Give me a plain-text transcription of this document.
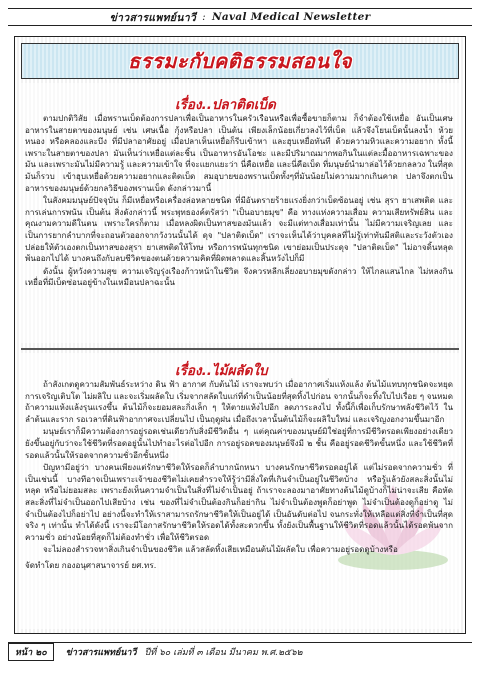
ข่าวสารแพทย์นาวี : Naval Medical Newsletter
ธรรมะกับคติธรรมสอนใจ
เรื่อง..ปลาติดเบ็ด

ตามปกติวิสัย เมื่อพรานเบ็ดต้องการปลาเพื่อเป็นอาหารในครัวเรือนหรือเพื่อซื้อขายก็ตาม ก็จำต้องใช้เหยื่อ อันเป็นเศษอาหารในสายตาของมนุษย์ เช่น เศษเนื้อ กุ้งหรือปลา เป็นต้น เพียงเล็กน้อยเกี่ยวลงไว้ที่เบ็ด แล้วจึงโยนเบ็ดนั้นลงน้ำ ห้วย หนอง หรือคลองและบึง ที่มีปลาอาศัยอยู่ เมื่อปลาเห็นเหยื่อก็รีบเข้าหา และฮุบเหยื่อทันที ด้วยความหิวและความอยาก ทั้งนี้เพราะในสายตาของปลา มันเห็นว่าเหยื่อแต่ละชิ้น เป็นอาหารอันโอชะ และมีปริมาณมากพอกินในแต่ละมื้ออาหารเฉพาะของมัน และเพราะมันไม่มีความรู้ และความเข้าใจ ที่จะแยกแยะว่า นี่คือเหยื่อ และนี่คือเบ็ด ที่มนุษย์นำมาล่อไว้ด้วยกลลวง ในที่สุดมันก็รวบ เข้าฮุบเหยื่อด้วยความอยากและติดเบ็ด สมอุบายของพรานเบ็ดทั้งๆที่มันน้อยไม่ความมากเกินคาด ปลาจึงตกเป็นอาหารของมนุษย์ด้วยกลวิธีของพรานเบ็ด ดังกล่าวมานี้

ในสังคมมนุษย์ปัจจุบัน ก็มีเหยื่อหรือเครื่องล่อหลายชนิด ที่มีอันตรายร้ายแรงยิ่งกว่าเบ็ดซ้อนอยู่ เช่น สุรา ยาเสพติด และการเล่นการพนัน เป็นต้น สิ่งดังกล่าวนี้ พระพุทธองค์ตรัสว่า "เป็นอบายมุข" คือ ทางแห่งความเสื่อม ความเสียทรัพย์สิน และคุณงามความดีในตน เพราะใครก็ตาม เมื่อหลงผิดเป็นทาสของมันแล้ว จะมีแต่ทางเสื่อมเท่านั้น ไม่มีความเจริญเลย และเป็นการยากลำบากที่จะถอนตัวออกจากวังวนนั้นได้ ดุจ "ปลาติดเบ็ด" เราจะเห็นได้ว่าบุคคลที่ไม่รู้เท่าทันมีสติและระวังตัวเอง ปล่อยให้ตัวเองตกเป็นทาสของสุรา ยาเสพติดให้โทษ หรือการพนันทุกชนิด เขาย่อมเป็นประดุจ "ปลาติดเบ็ด" ไม่อาจดิ้นหลุดพ้นออกไปได้ บางคนถึงกับลบชีวิตของตนด้วยความคิดที่ผิดพลาดและสิ้นหวังไปก็มี

ดังนั้น ผู้หวังความสุข ความเจริญรุ่งเรืองก้าวหน้าในชีวิต จึงควรหลีกเลี่ยงอบายมุขดังกล่าว ให้ไกลแสนไกล ไม่หลงกินเหยื่อที่มีเบ็ดซ่อนอยู่ข้างในเหมือนปลาฉะนั้น

เรื่อง..ไม้ผลัดใบ

ถ้าสังเกตดูความสัมพันธ์ระหว่าง ดิน ฟ้า อากาศ กับต้นไม้ เราจะพบว่า เมื่ออากาศเริ่มแห้งแล้ง ต้นไม้แทบทุกชนิดจะหยุดการเจริญเติบโต ไม่ผลิใบ และจะเริ่มผลัดใบ เริ่มจากสลัดใบแก่ที่ดำเป็นน้อยที่สุดทิ้งไปก่อน จากนั้นก็จะทิ้งใบไปเรื่อย ๆ จนหมด ถ้าความแห้งแล้งรุนแรงขึ้น ต้นไม้ก็จะยอมสละกิ่งเล็ก ๆ ให้ตายแห้งไปอีก ลดภาระลงไป ทั้งนี้ก็เพื่อเก็บรักษาพลังชีวิตไว้ ในลำต้นและราก รอเวลาที่ดินฟ้าอากาศจะเปลี่ยนไป เป็นฤดูฝน เมื่อถึงเวลานั้นต้นไม้ก็จะผลิใบใหม่ และเจริญงอกงามขึ้นมาอีก

มนุษย์เราก็มีความต้องการอยู่รอดเช่นเดียวกับสิ่งมีชีวิตอื่น ๆ แต่คุณค่าของมนุษย์มิใช่อยู่ที่การมีชีวิตรอดเพียงอย่างเดียว ยังขึ้นอยู่กับว่าจะใช้ชีวิตที่รอดอยู่นั้นไปทำอะไรต่อไปอีก การอยู่รอดของมนุษย์จึงมี ๒ ชั้น คืออยู่รอดชีวิตขั้นหนึ่ง และใช้ชีวิตที่รอดแล้วนั้นให้รอดจากความชั่วอีกชั้นหนึ่ง

ปัญหามีอยู่ว่า บางคนเพียงแต่รักษาชีวิตให้รอดก็ลำบากนักหนา บางคนรักษาชีวิตรอดอยู่ได้ แต่ไม่รอดจากความชั่ว ที่เป็นเช่นนี้ บางทีอาจเป็นเพราะเจ้าของชีวิตไม่เคยสำรวจให้รู้ว่ามีสิ่งใดที่เกินจำเป็นอยู่ในชีวิตบ้าง หรือรู้แล้วยังสละสิ่งนั้นไม่หลุด หรือไม่ยอมสละ เพราะยังเห็นความจำเป็นในสิ่งที่ไม่จำเป็นอยู่ ถ้าเราจะลองมาอาศัยทางต้นไม้ดูบ้างก็ไม่น่าจะเสีย คือหัดสละสิ่งที่ไม่จำเป็นออกไปเสียบ้าง เช่น ของที่ไม่จำเป็นต้องกินก็อย่ากิน ไม่จำเป็นต้องพูดก็อย่าพูด ไม่จำเป็นต้องดูก็อย่าดู ไม่จำเป็นต้องไปก็อย่าไป อย่างนี้จะทำให้เราสามารถรักษาชีวิตให้เป็นอยู่ได้ เป็นอันดับต่อไป จนกระทั่งให้เหลือแต่สิ่งที่จำเป็นที่สุดจริง ๆ เท่านั้น ทำได้ดังนี้ เราจะมีโอกาสรักษาชีวิตให้รอดได้ทั้งสะดวกขึ้น ทั้งยังเป็นพื้นฐานให้ชีวิตที่รอดแล้วนั้นได้รอดพ้นจากความชั่ว อย่างน้อยที่สุดก็ไม่ต้องทำชั่ว เพื่อให้ชีวิตรอด

จะไม่ลองสำรวจหาสิ่งเกินจำเป็นของชีวิต แล้วสลัดทิ้งเสียเหมือนต้นไม้ผลัดใบ เพื่อความอยู่รอดดูบ้างหรือ

จัดทำโดย กองอนุศาสนาจารย์ ยศ.ทร.

หน้า ๒๐	ข่าวสารแพทย์นาวี ปีที่ ๖๐ เล่มที่ ๓ เดือน มีนาคม พ.ศ.๒๕๖๒
